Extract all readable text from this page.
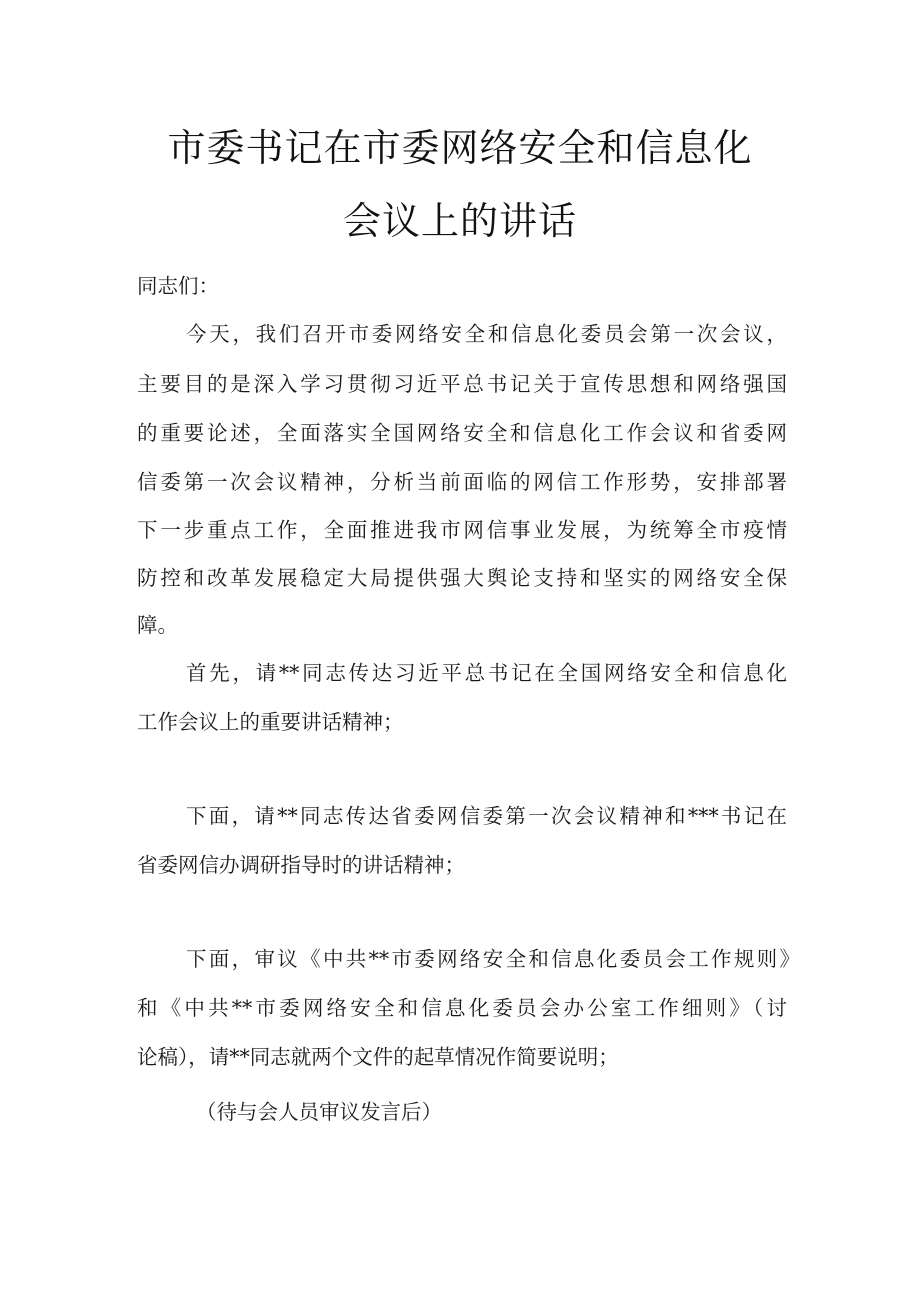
市委书记在市委网络安全和信息化
会议上的讲话
同志们：
今天，我们召开市委网络安全和信息化委员会第一次会议，
主要目的是深入学习贯彻习近平总书记关于宣传思想和网络强国
的重要论述，全面落实全国网络安全和信息化工作会议和省委网
信委第一次会议精神，分析当前面临的网信工作形势，安排部署
下一步重点工作，全面推进我市网信事业发展，为统筹全市疫情
防控和改革发展稳定大局提供强大舆论支持和坚实的网络安全保
障。
首先，请**同志传达习近平总书记在全国网络安全和信息化
工作会议上的重要讲话精神；
下面，请**同志传达省委网信委第一次会议精神和***书记在
省委网信办调研指导时的讲话精神；
下面，审议《中共**市委网络安全和信息化委员会工作规则》
和《中共**市委网络安全和信息化委员会办公室工作细则》（讨
论稿），请**同志就两个文件的起草情况作简要说明；
（待与会人员审议发言后）
